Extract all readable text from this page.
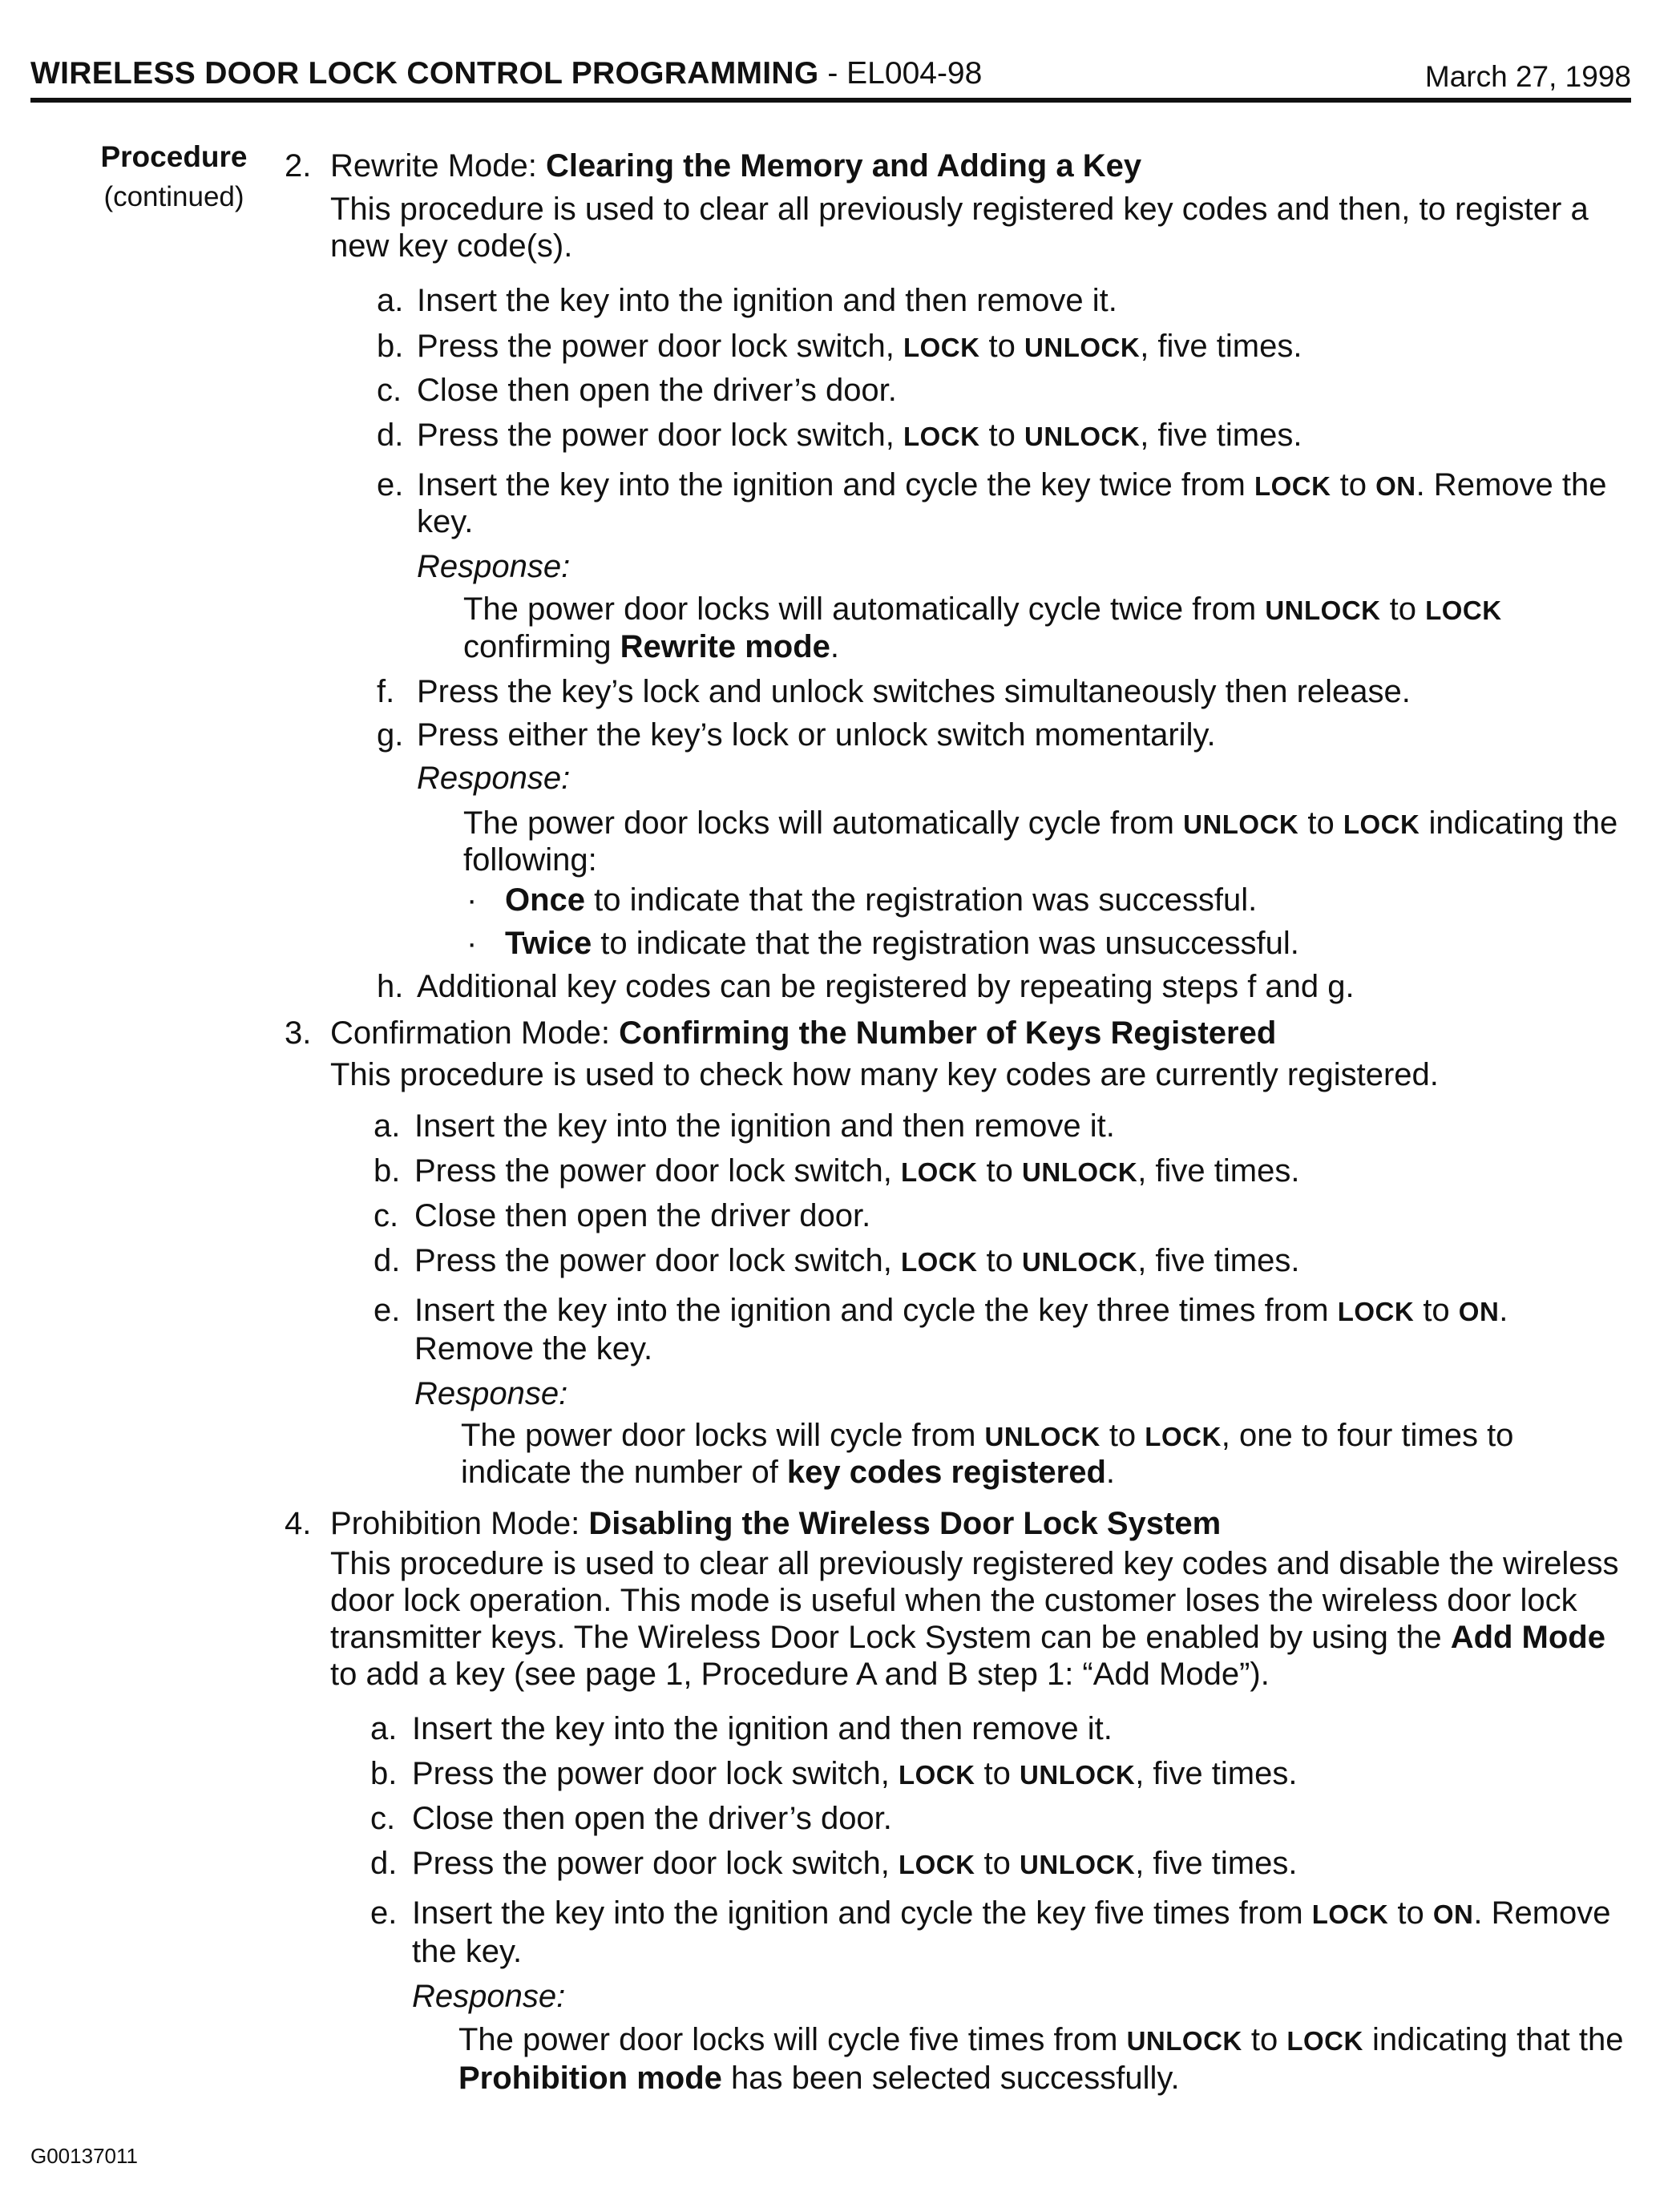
WIRELESS DOOR LOCK CONTROL PROGRAMMING - EL004-98	March 27, 1998
Procedure
(continued)
2. Rewrite Mode: Clearing the Memory and Adding a Key
This procedure is used to clear all previously registered key codes and then, to register a
new key code(s).
a. Insert the key into the ignition and then remove it.
b. Press the power door lock switch, LOCK to UNLOCK, five times.
c. Close then open the driver’s door.
d. Press the power door lock switch, LOCK to UNLOCK, five times.
e. Insert the key into the ignition and cycle the key twice from LOCK to ON. Remove the
key.
Response:
The power door locks will automatically cycle twice from UNLOCK to LOCK
confirming Rewrite mode.
f. Press the key’s lock and unlock switches simultaneously then release.
g. Press either the key’s lock or unlock switch momentarily.
Response:
The power door locks will automatically cycle from UNLOCK to LOCK indicating the
following:
· Once to indicate that the registration was successful.
· Twice to indicate that the registration was unsuccessful.
h. Additional key codes can be registered by repeating steps f and g.
3. Confirmation Mode: Confirming the Number of Keys Registered
This procedure is used to check how many key codes are currently registered.
a. Insert the key into the ignition and then remove it.
b. Press the power door lock switch, LOCK to UNLOCK, five times.
c. Close then open the driver door.
d. Press the power door lock switch, LOCK to UNLOCK, five times.
e. Insert the key into the ignition and cycle the key three times from LOCK to ON.
Remove the key.
Response:
The power door locks will cycle from UNLOCK to LOCK, one to four times to
indicate the number of key codes registered.
4. Prohibition Mode: Disabling the Wireless Door Lock System
This procedure is used to clear all previously registered key codes and disable the wireless
door lock operation. This mode is useful when the customer loses the wireless door lock
transmitter keys. The Wireless Door Lock System can be enabled by using the Add Mode
to add a key (see page 1, Procedure A and B step 1: “Add Mode”).
a. Insert the key into the ignition and then remove it.
b. Press the power door lock switch, LOCK to UNLOCK, five times.
c. Close then open the driver’s door.
d. Press the power door lock switch, LOCK to UNLOCK, five times.
e. Insert the key into the ignition and cycle the key five times from LOCK to ON. Remove
the key.
Response:
The power door locks will cycle five times from UNLOCK to LOCK indicating that the
Prohibition mode has been selected successfully.
G00137011
